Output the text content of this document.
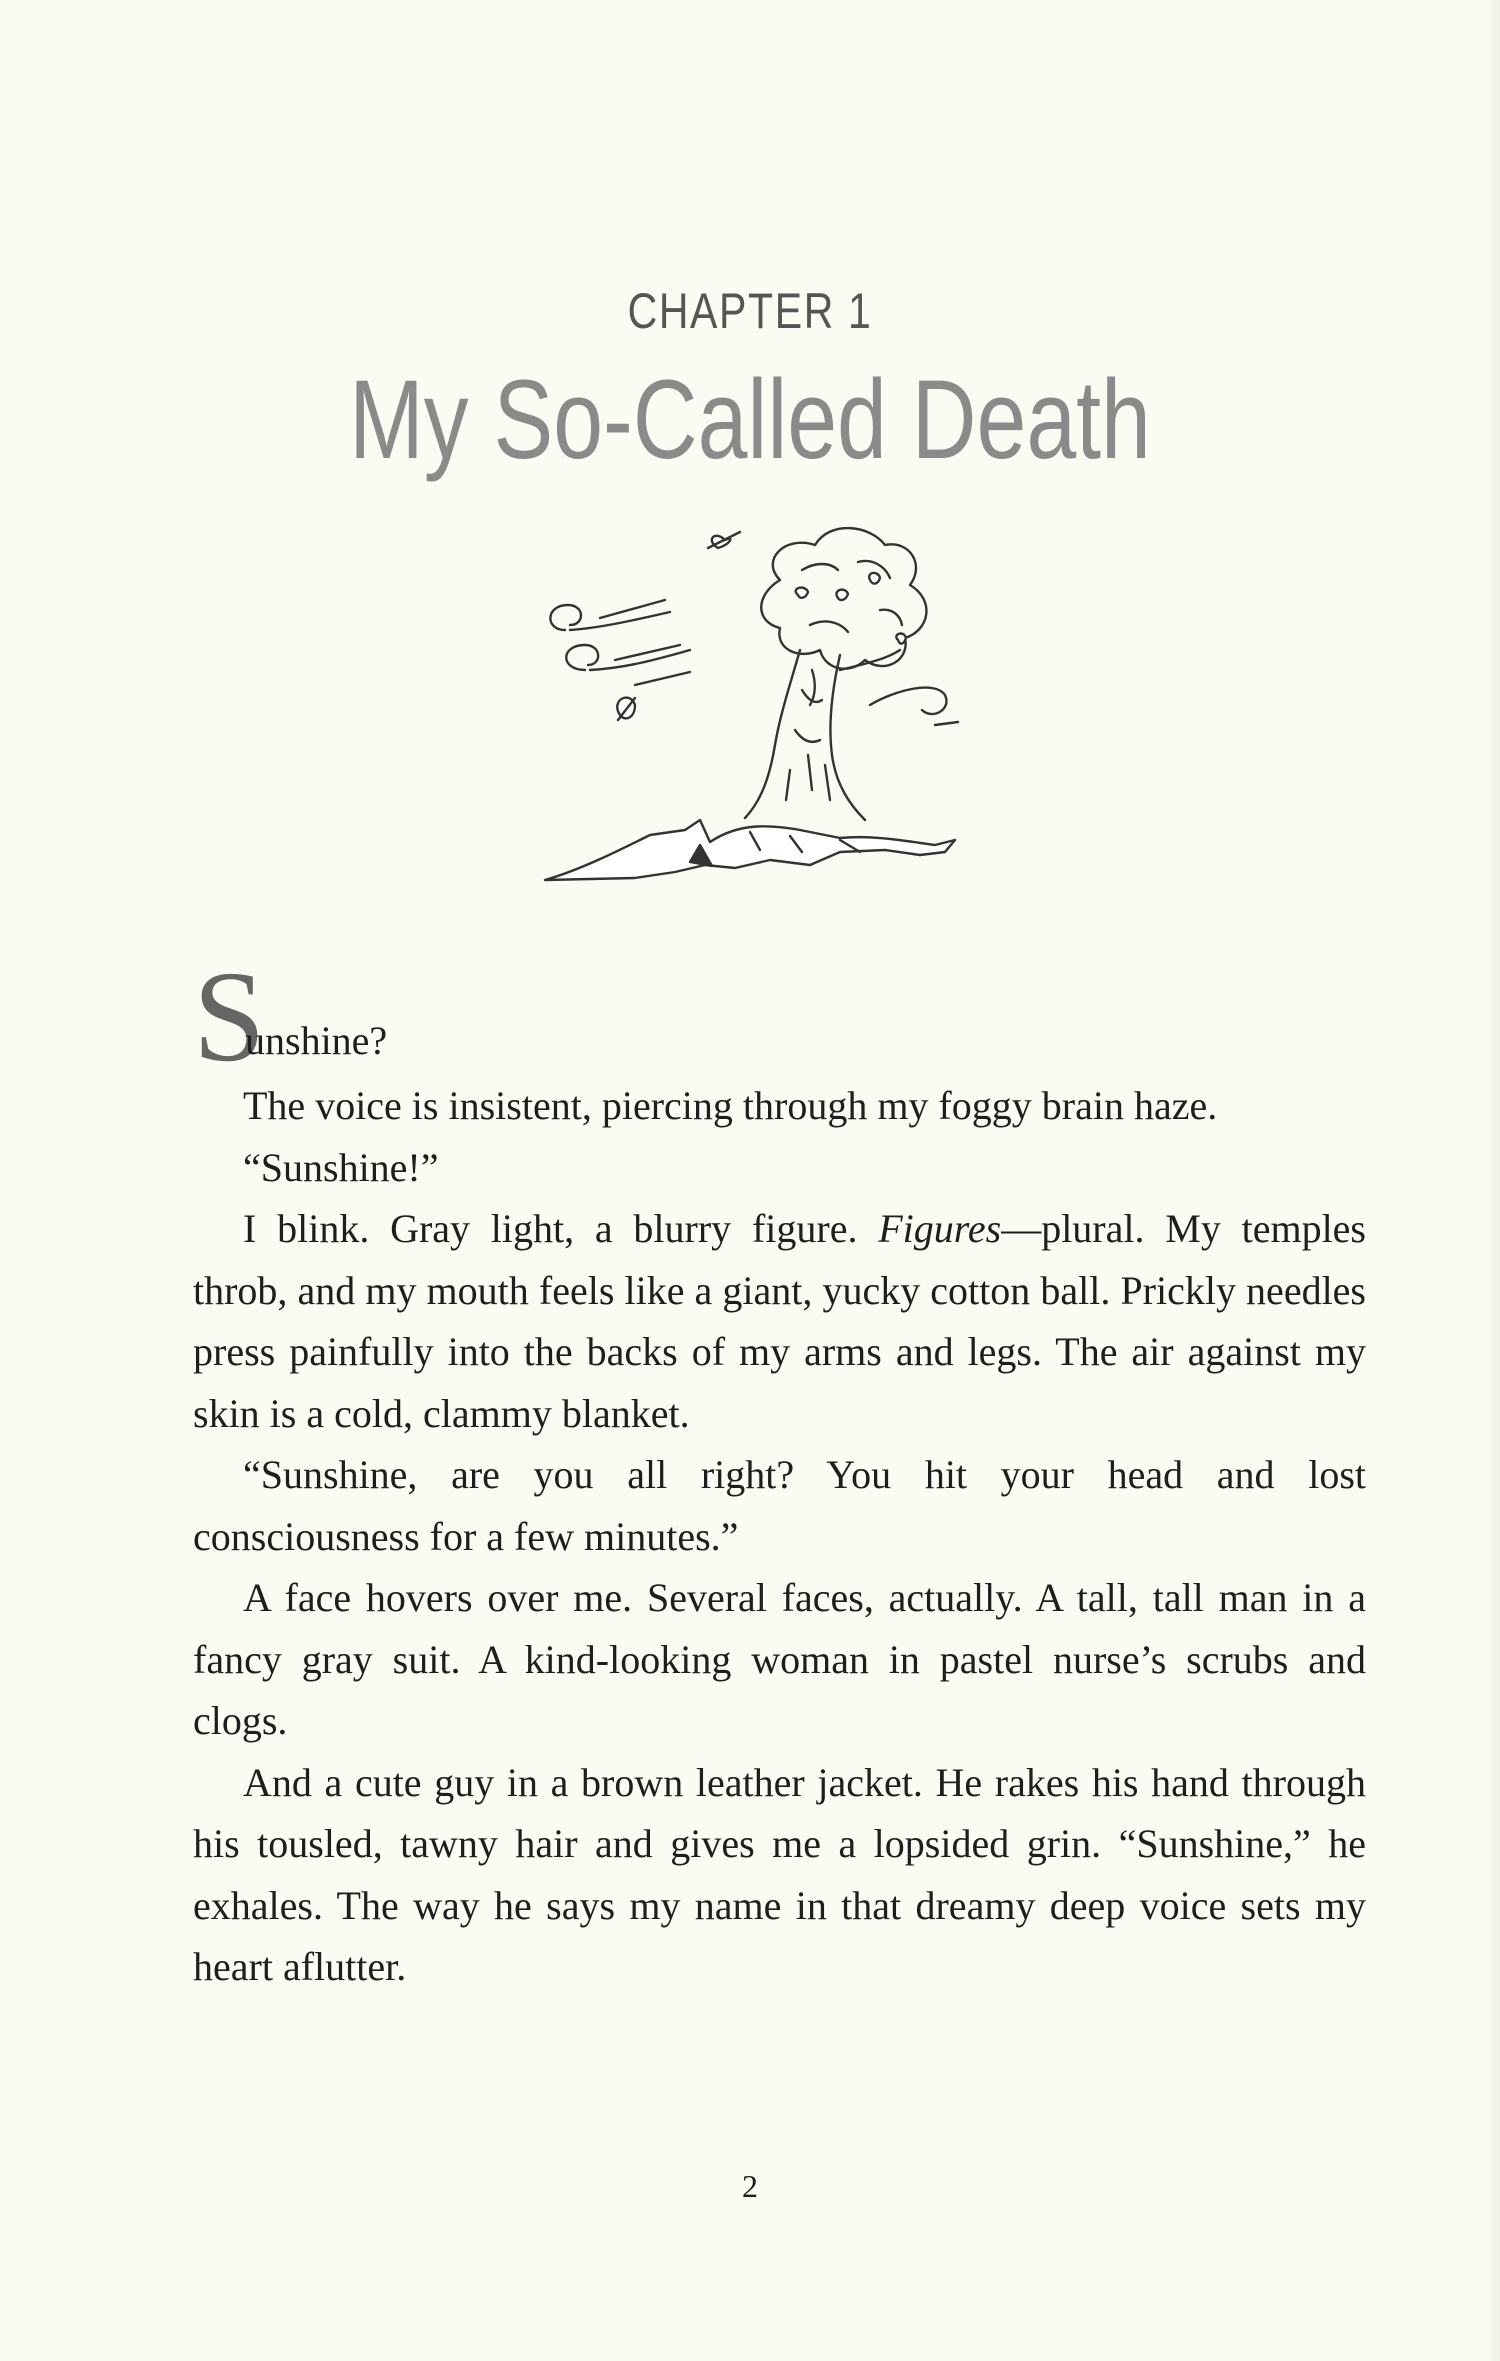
CHAPTER 1
My So-Called Death
S
unshine?

The voice is insistent, piercing through my foggy brain haze.

“Sunshine!”

I blink. Gray light, a blurry figure. Figures—plural. My temples throb, and my mouth feels like a giant, yucky cotton ball. Prickly needles press painfully into the backs of my arms and legs. The air against my skin is a cold, clammy blanket.

“Sunshine, are you all right? You hit your head and lost consciousness for a few minutes.”

A face hovers over me. Several faces, actually. A tall, tall man in a fancy gray suit. A kind-looking woman in pastel nurse’s scrubs and clogs.

And a cute guy in a brown leather jacket. He rakes his hand through his tousled, tawny hair and gives me a lopsided grin. “Sunshine,” he exhales. The way he says my name in that dreamy deep voice sets my heart aflutter.

2
